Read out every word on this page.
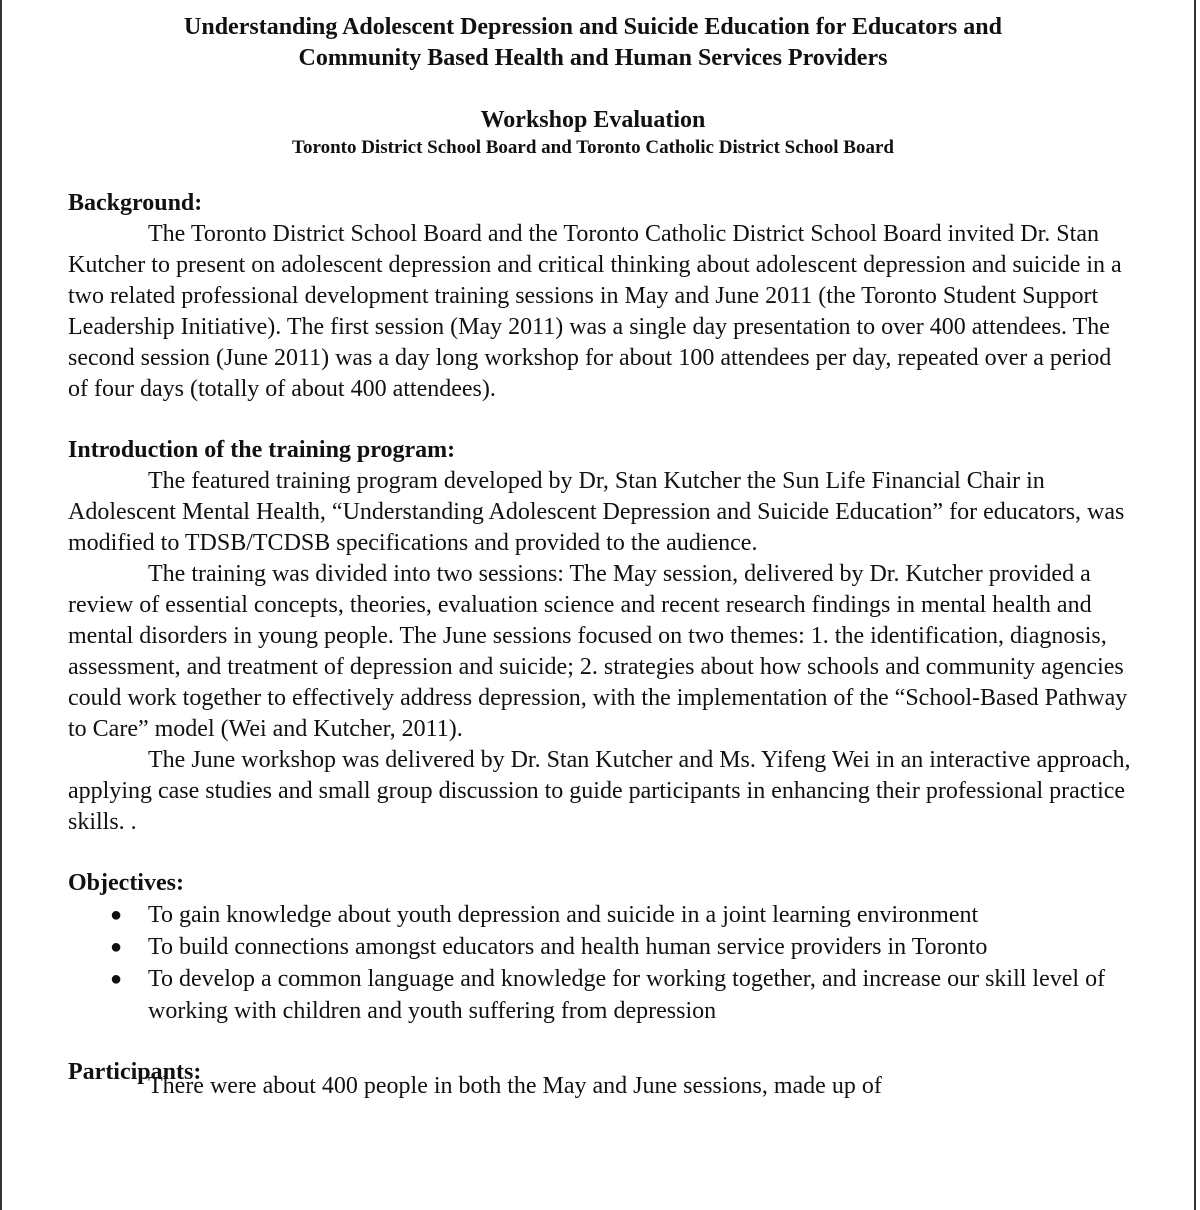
Understanding Adolescent Depression and Suicide Education for Educators and
Community Based Health and Human Services Providers
Workshop Evaluation
Toronto District School Board and Toronto Catholic District School Board
Background:

The Toronto District School Board and the Toronto Catholic District School Board invited Dr. Stan Kutcher to present on adolescent depression and critical thinking about adolescent depression and suicide in a two related professional development training sessions in May and June 2011 (the Toronto Student Support Leadership Initiative). The first session (May 2011) was a single day presentation to over 400 attendees. The second session (June 2011) was a day long workshop for about 100 attendees per day, repeated over a period of four days (totally of about 400 attendees).

Introduction of the training program:

The featured training program developed by Dr, Stan Kutcher the Sun Life Financial Chair in Adolescent Mental Health, “Understanding Adolescent Depression and Suicide Education” for educators, was modified to TDSB/TCDSB specifications and provided to the audience.

The training was divided into two sessions: The May session, delivered by Dr. Kutcher provided a review of essential concepts, theories, evaluation science and recent research findings in mental health and mental disorders in young people. The June sessions focused on two themes: 1. the identification, diagnosis, assessment, and treatment of depression and suicide; 2. strategies about how schools and community agencies could work together to effectively address depression, with the implementation of the “School-Based Pathway to Care” model (Wei and Kutcher, 2011).

The June workshop was delivered by Dr. Stan Kutcher and Ms. Yifeng Wei in an interactive approach, applying case studies and small group discussion to guide participants in enhancing their professional practice skills. .

Objectives:
● To gain knowledge about youth depression and suicide in a joint learning environment
● To build connections amongst educators and health human service providers in Toronto
● To develop a common language and knowledge for working together, and increase our skill level of working with children and youth suffering from depression
Participants:

There were about 400 people in both the May and June sessions, made up of
